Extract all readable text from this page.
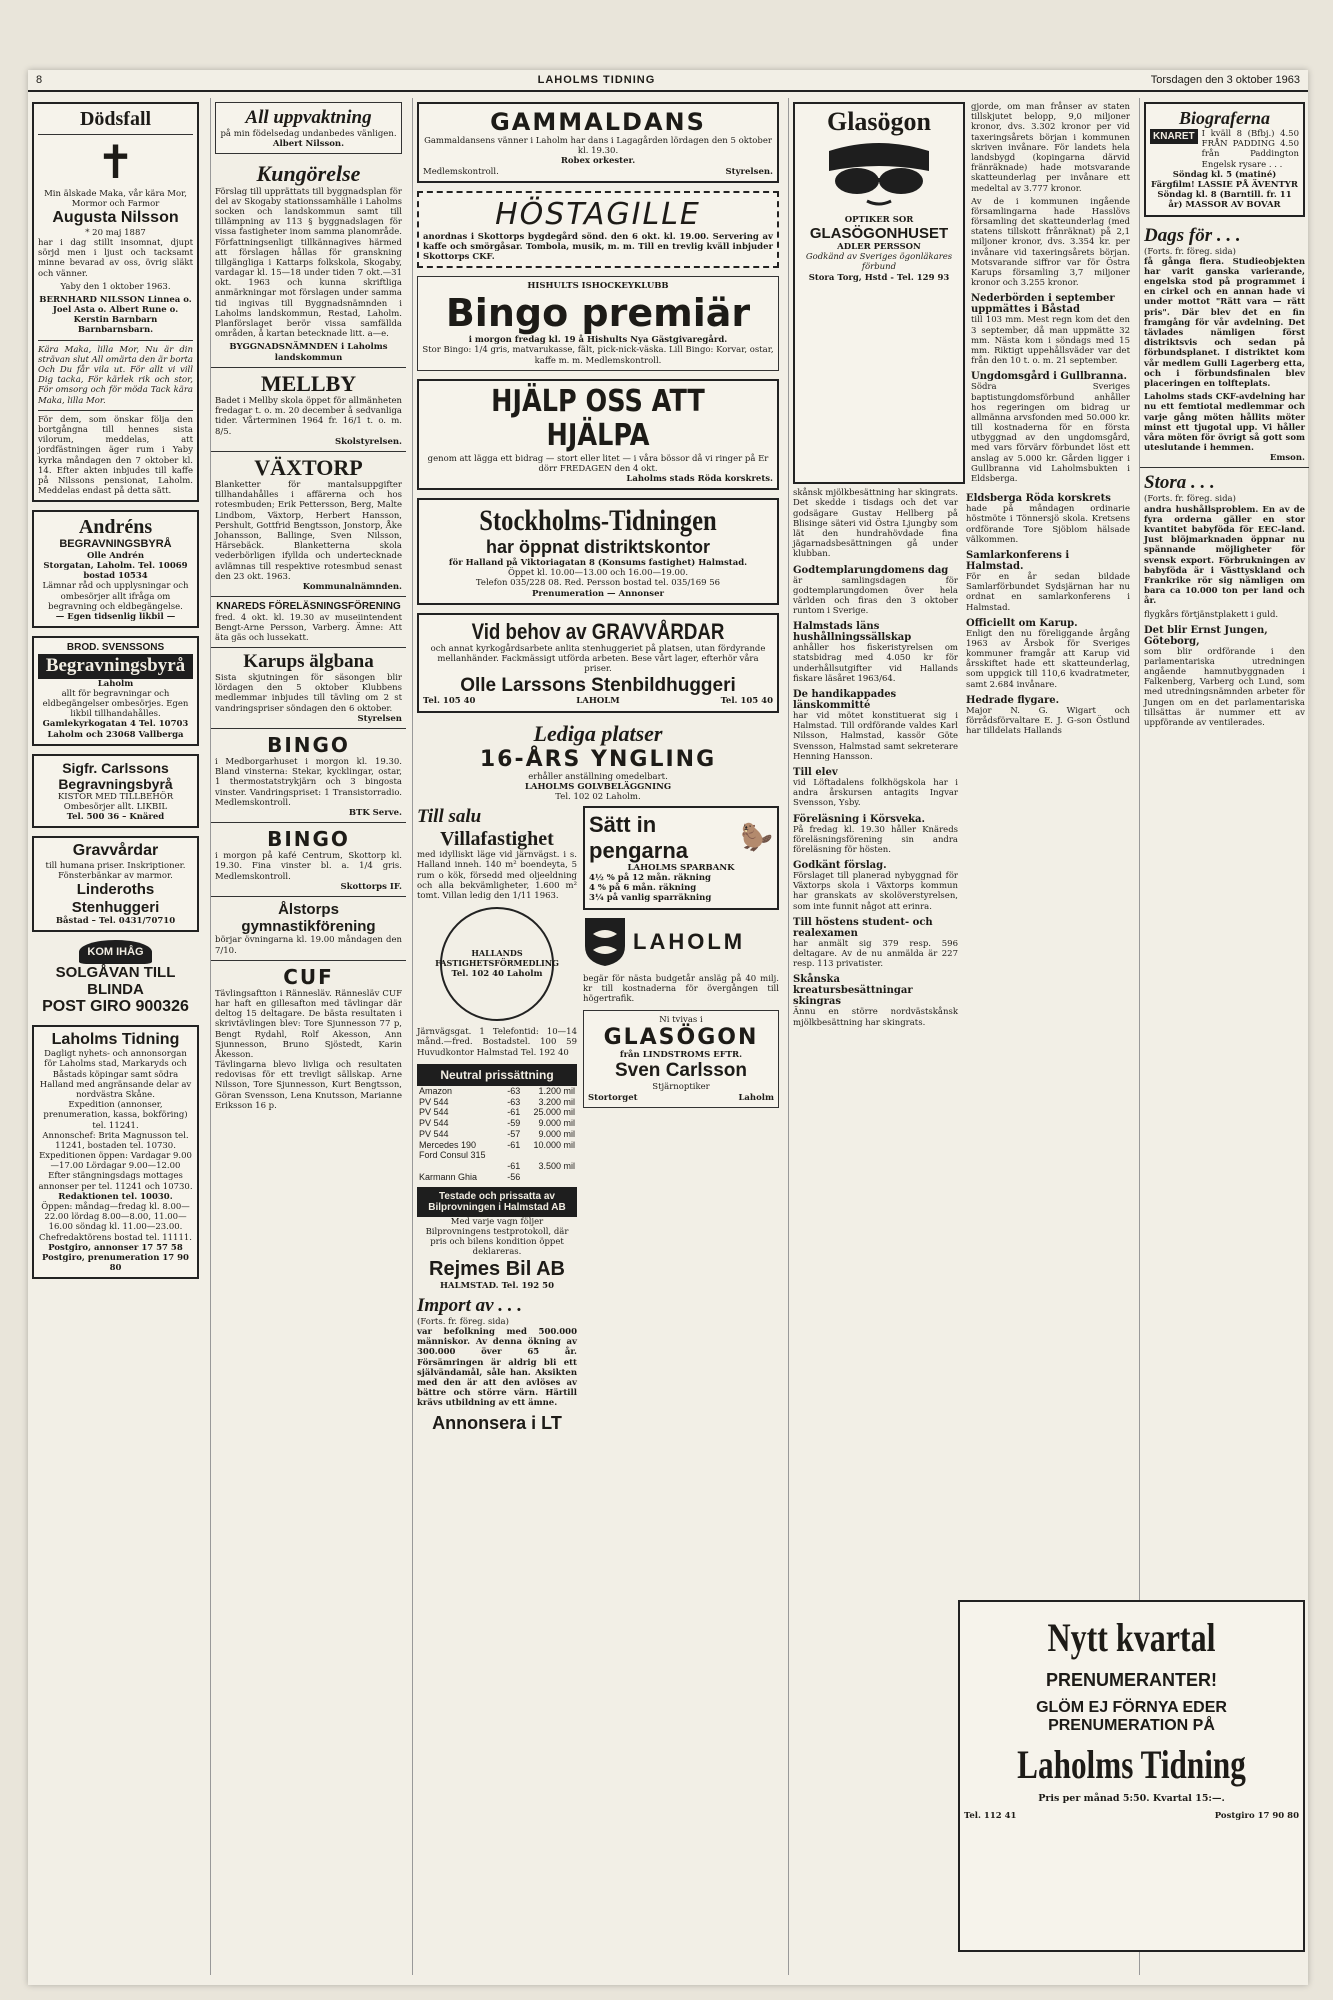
8	LAHOLMS TIDNING	Torsdagen den 3 oktober 1963
Dödsfall
✝
Min älskade Maka, vår kära Mor, Mormor och Farmor
Augusta Nilsson
* 20 maj 1887
har i dag stillt insomnat, djupt sörjd men i ljust och tacksamt minne bevarad av oss, övrig släkt och vänner.
Yaby den 1 oktober 1963.
BERNHARD NILSSON Linnea o. Joel Asta o. Albert Rune o. Kerstin Barnbarn Barnbarnsbarn.
Kära Maka, lilla Mor, Nu är din strävan slut All omärta den är borta Och Du får vila ut. För allt vi vill Dig tacka, För kärlek rik och stor, För omsorg och för möda Tack kära Maka, lilla Mor.
För dem, som önskar följa den bortgångna till hennes sista vilorum, meddelas, att jordfästningen äger rum i Yaby kyrka måndagen den 7 oktober kl. 14. Efter akten inbjudes till kaffe på Nilssons pensionat, Laholm. Meddelas endast på detta sätt.
Andréns
BEGRAVNINGSBYRÅ
Olle Andrén
Storgatan, Laholm. Tel. 10069 bostad 10534
Lämnar råd och upplysningar och ombesörjer allt ifråga om begravning och eldbegängelse.
— Egen tidsenlig likbil —
BROD. SVENSSONS
Begravningsbyrå
Laholm
allt för begravningar och eldbegängelser ombesörjes. Egen likbil tillhandahålles.
Gamlekyrkogatan 4 Tel. 10703 Laholm och 23068 Vallberga
Sigfr. Carlssons Begravningsbyrå
KISTOR MED TILLBEHÖR Ombesörjer allt. LIKBIL
Tel. 500 36 – Knäred
Gravvårdar
till humana priser. Inskriptioner. Fönsterbänkar av marmor.
Linderoths Stenhuggeri
Båstad – Tel. 0431/70710
KOM IHÅG
SOLGÅVAN TILL BLINDA
POST GIRO 900326
Laholms Tidning
Dagligt nyhets- och annonsorgan för Laholms stad, Markaryds och Båstads köpingar samt södra Halland med angränsande delar av nordvästra Skåne.
Expedition (annonser, prenumeration, kassa, bokföring) tel. 11241.
Annonschef: Brita Magnusson tel. 11241, bostaden tel. 10730.
Expeditionen öppen: Vardagar 9.00—17.00 Lördagar 9.00—12.00
Efter stängningsdags mottages annonser per tel. 11241 och 10730.
Redaktionen tel. 10030.
Öppen: måndag—fredag kl. 8.00—22.00 lördag 8.00—8.00, 11.00—16.00 söndag kl. 11.00—23.00.
Chefredaktörens bostad tel. 11111.
Postgiro, annonser 17 57 58 Postgiro, prenumeration 17 90 80
All uppvaktning
på min födelsedag undanbedes vänligen.
Albert Nilsson.
Kungörelse
Förslag till upprättats till byggnadsplan för del av Skogaby stationssamhälle i Laholms socken och landskommun samt till tillämpning av 113 § byggnadslagen för vissa fastigheter inom samma planområde. Författningsenligt tillkännagives härmed att förslagen hållas för granskning tillgängliga i Kattarps folkskola, Skogaby, vardagar kl. 15—18 under tiden 7 okt.—31 okt. 1963 och kunna skriftliga anmärkningar mot förslagen under samma tid ingivas till Byggnadsnämnden i Laholms landskommun, Restad, Laholm. Planförslaget berör vissa samfällda områden, å kartan betecknade litt. a—e.
BYGGNADSNÄMNDEN i Laholms landskommun
MELLBY
Badet i Mellby skola öppet för allmänheten fredagar t. o. m. 20 december å sedvanliga tider. Vårterminen 1964 fr. 16/1 t. o. m. 8/5.
Skolstyrelsen.
VÄXTORP
Blanketter för mantalsuppgifter tillhandahålles i affärerna och hos rotesmbuden; Erik Pettersson, Berg, Malte Lindbom, Växtorp, Herbert Hansson, Pershult, Gottfrid Bengtsson, Jonstorp, Åke Johansson, Ballinge, Sven Nilsson, Härsebäck. Blanketterna skola vederbörligen ifyllda och undertecknade avlämnas till respektive rotesmbud senast den 23 okt. 1963.
Kommunalnämnden.
KNAREDS FÖRELÄSNINGSFÖRENING
fred. 4 okt. kl. 19.30 av museiintendent Bengt-Arne Persson, Varberg. Ämne: Att äta gäs och lussekatt.
Karups älgbana
Sista skjutningen för säsongen blir lördagen den 5 oktober Klubbens medlemmar inbjudes till tävling om 2 st vandringspriser söndagen den 6 oktober.
Styrelsen
BINGO
i Medborgarhuset i morgon kl. 19.30. Bland vinsterna: Stekar, kycklingar, ostar, 1 thermostatstrykjärn och 3 bingosta vinster. Vandringspriset: 1 Transistorradio. Medlemskontroll.
BTK Serve.
BINGO
i morgon på kafé Centrum, Skottorp kl. 19.30. Fina vinster bl. a. 1/4 gris. Medlemskontroll.
Skottorps IF.
Ålstorps gymnastikförening
börjar övningarna kl. 19.00 måndagen den 7/10.
CUF
Tävlingsaftton i Rännesläv. Rännesläv CUF har haft en gillesafton med tävlingar där deltog 15 deltagare. De bästa resultaten i skrivtävlingen blev: Tore Sjunnesson 77 p, Bengt Rydahl, Rolf Akesson, Ann Sjunnesson, Bruno Sjöstedt, Karin Åkesson.
Tävlingarna blevo livliga och resultaten redovisas för ett trevligt sällskap. Arne Nilsson, Tore Sjunnesson, Kurt Bengtsson, Göran Svensson, Lena Knutsson, Marianne Eriksson 16 p.
GAMMALDANS
Gammaldansens vänner i Laholm har dans i Lagagården lördagen den 5 oktober kl. 19.30.
Robex orkester.
Medlemskontroll.	Styrelsen.
HÖSTAGILLE
anordnas i Skottorps bygdegård sönd. den 6 okt. kl. 19.00. Servering av kaffe och smörgåsar. Tombola, musik, m. m. Till en trevlig kväll inbjuder Skottorps CKF.
HISHULTS ISHOCKEYKLUBB
Bingo premiär
i morgon fredag kl. 19 å Hishults Nya Gästgivaregård.
Stor Bingo: 1/4 gris, matvarukasse, fält, pick-nick-väska. Lill Bingo: Korvar, ostar, kaffe m. m. Medlemskontroll.
HJÄLP OSS ATT HJÄLPA
genom att lägga ett bidrag — stort eller litet — i våra bössor då vi ringer på Er dörr FREDAGEN den 4 okt.
Laholms stads Röda korskrets.
Stockholms-Tidningen
har öppnat distriktskontor
för Halland på Viktoriagatan 8 (Konsums fastighet) Halmstad.
Öppet kl. 10.00—13.00 och 16.00—19.00.
Telefon 035/228 08. Red. Persson bostad tel. 035/169 56
Prenumeration — Annonser
Vid behov av GRAVVÅRDAR
och annat kyrkogårdsarbete anlita stenhuggeriet på platsen, utan fördyrande mellanhänder. Fackmässigt utförda arbeten. Bese vårt lager, efterhör våra priser.
Olle Larssons Stenbildhuggeri
Tel. 105 40	LAHOLM	Tel. 105 40
Lediga platser
16-ÅRS YNGLING
erhåller anställning omedelbart.
LAHOLMS GOLVBELÄGGNING
Tel. 102 02 Laholm.
Till salu
Villafastighet
med idylliskt läge vid järnvägst. i s. Halland inneh. 140 m² boendeyta, 5 rum o kök, försedd med oljeeldning och alla bekvämligheter, 1.600 m² tomt. Villan ledig den 1/11 1963.
HALLANDS FASTIGHETSFÖRMEDLING
Tel. 102 40 Laholm
Järnvägsgat. 1 Telefontid: 10—14 månd.—fred. Bostadstel. 100 59 Huvudkontor Halmstad Tel. 192 40
Neutral prissättning
Amazon	-63	1.200 mil
PV 544	-63	3.200 mil
PV 544	-61	25.000 mil
PV 544	-59	9.000 mil
PV 544	-57	9.000 mil
Mercedes 190	-61	10.000 mil
Ford Consul 315		
	-61	3.500 mil
Karmann Ghia	-56	
Testade och prissatta av Bilprovningen i Halmstad AB
Med varje vagn följer Bilprovningens testprotokoll, där pris och bilens kondition öppet deklareras.
Rejmes Bil AB
HALMSTAD. Tel. 192 50
Import av . . .
(Forts. fr. föreg. sida)
var befolkning med 500.000 människor. Av denna ökning av 300.000 över 65 år. Försämringen är aldrig bli ett självändamål, såle han. Aksikten med den är att den avlöses av bättre och större värn. Härtill krävs utbildning av ett ämne.
Annonsera i LT
Sätt in pengarna	🦫
LAHOLMS SPARBANK
4½ % på 12 mån. räkning
4 % på 6 mån. räkning
3¼ på vanlig sparräkning
LAHOLM
begär för nästa budgetår ansläg på 40 milj. kr till kostnaderna för övergången till högertrafik.
Ni tvivas i
GLASÖGON
från LINDSTROMS EFTR.
Sven Carlsson
Stjärnoptiker
Stortorget	Laholm
Glasögon
OPTIKER SOR
GLASÖGONHUSET
ADLER PERSSON
Godkänd av Sveriges ögonläkares förbund
Stora Torg, Hstd - Tel. 129 93
gjorde, om man frånser av staten tillskjutet belopp, 9,0 miljoner kronor, dvs. 3.302 kronor per vid taxeringsårets början i kommunen skriven invånare. För landets hela landsbygd (kopingarna därvid fränräknade) hade motsvarande skatteunderlag per invånare ett medeltal av 3.777 kronor.
Av de i kommunen ingående församlingarna hade Hasslövs församling det skatteunderlag (med statens tillskott frånräknat) på 2,1 miljoner kronor, dvs. 3.354 kr. per invånare vid taxeringsårets början. Motsvarande siffror var för Östra Karups församling 3,7 miljoner kronor och 3.255 kronor.
Nederbörden i september uppmättes i Båstad
till 103 mm. Mest regn kom det den 3 september, då man uppmätte 32 mm. Nästa kom i söndags med 15 mm. Riktigt uppehållsväder var det från den 10 t. o. m. 21 september.
Ungdomsgård i Gullbranna.
Södra Sveriges baptistungdomsförbund anhåller hos regeringen om bidrag ur allmänna arvsfonden med 50.000 kr. till kostnaderna för en första utbyggnad av den ungdomsgård, med vars förvärv förbundet löst ett anslag av 5.000 kr. Gården ligger i Gullbranna vid Laholmsbukten i Eldsberga.
skånsk mjölkbesättning har skingrats. Det skedde i tisdags och det var godsägare Gustav Hellberg på Blisinge säteri vid Östra Ljungby som lät den hundrahövdade fina jägarnadsbesättningen gå under klubban.
Godtemplarungdomens dag
är samlingsdagen för godtemplarungdomen över hela världen och firas den 3 oktober runtom i Sverige.
Halmstads läns hushållningssällskap
anhåller hos fiskeristyrelsen om statsbidrag med 4.050 kr för underhållsutgifter vid Hallands fiskare läsåret 1963/64.
De handikappades länskommitté
har vid mötet konstituerat sig i Halmstad. Till ordförande valdes Karl Nilsson, Halmstad, kassör Göte Svensson, Halmstad samt sekreterare Henning Hansson.
Till elev
vid Löftadalens folkhögskola har i andra årskursen antagits Ingvar Svensson, Ysby.
Föreläsning i Körsveka.
På fredag kl. 19.30 håller Knäreds föreläsningsförening sin andra föreläsning för hösten.
Godkänt förslag.
Förslaget till planerad nybyggnad för Växtorps skola i Växtorps kommun har granskats av skolöverstyrelsen, som inte funnit något att erinra.
Till höstens student- och realexamen
har anmält sig 379 resp. 596 deltagare. Av de nu anmälda är 227 resp. 113 privatister.
Skånska kreatursbesättningar skingras
Ännu en större nordvästskånsk mjölkbesättning har skingrats.
Eldsberga Röda korskrets
hade på måndagen ordinarie höstmöte i Tönnersjö skola. Kretsens ordförande Tore Sjöblom hälsade välkommen.
Samlarkonferens i Halmstad.
För en år sedan bildade Samlarförbundet Sydsjärnan har nu ordnat en samlarkonferens i Halmstad.
Officiellt om Karup.
Enligt den nu föreliggande årgång 1963 av Årsbok för Sveriges kommuner framgår att Karup vid årsskiftet hade ett skatteunderlag, som uppgick till 110,6 kvadratmeter, samt 2.684 invånare.
Hedrade flygare.
Major N. G. Wigart och förrådsförvaltare E. J. G-son Östlund har tilldelats Hallands
Biograferna
KNARET I kväll 8 (Bfbj.) 4.50 FRÅN PADDING 4.50 från Paddington Engelsk rysare . . .
Söndag kl. 5 (matiné) Färgfilm! LASSIE PÅ ÄVENTYR
Söndag kl. 8 (Barntill. fr. 11 år) MASSOR AV BOVAR
Dags för . . .
(Forts. fr. föreg. sida)
få gånga flera. Studieobjekten har varit ganska varierande, engelska stod på programmet i en cirkel och en annan hade vi under mottot "Rätt vara — rätt pris". Där blev det en fin framgång för vår avdelning. Det tävlades nämligen först distriktsvis och sedan på förbundsplanet. I distriktet kom vår medlem Gulli Lagerberg etta, och i förbundsfinalen blev placeringen en tolfteplats.
Laholms stads CKF-avdelning har nu ett femtiotal medlemmar och varje gång möten hållits möter minst ett tjugotal upp. Vi håller våra möten för övrigt så gott som uteslutande i hemmen.
Emson.
Stora . . .
(Forts. fr. föreg. sida)
andra hushållsproblem. En av de fyra orderna gäller en stor kvantitet babyföda för EEC-land. Just blöjmarknaden öppnar nu spännande möjligheter för svensk export. Förbrukningen av babyföda är i Västtyskland och Frankrike rör sig nämligen om bara ca 10.000 ton per land och år.
flygkårs förtjänstplakett i guld.
Det blir Ernst Jungen, Göteborg,
som blir ordförande i den parlamentariska utredningen angående hamnutbyggnaden i Falkenberg, Varberg och Lund, som med utredningsnämnden arbeter för Jungen om en det parlamentariska tillsättas är nummer ett av uppförande av ventilerades.
Nytt kvartal
PRENUMERANTER!
GLÖM EJ FÖRNYA EDER PRENUMERATION PÅ
Laholms Tidning
Pris per månad 5:50. Kvartal 15:—.
Tel. 112 41	Postgiro 17 90 80
